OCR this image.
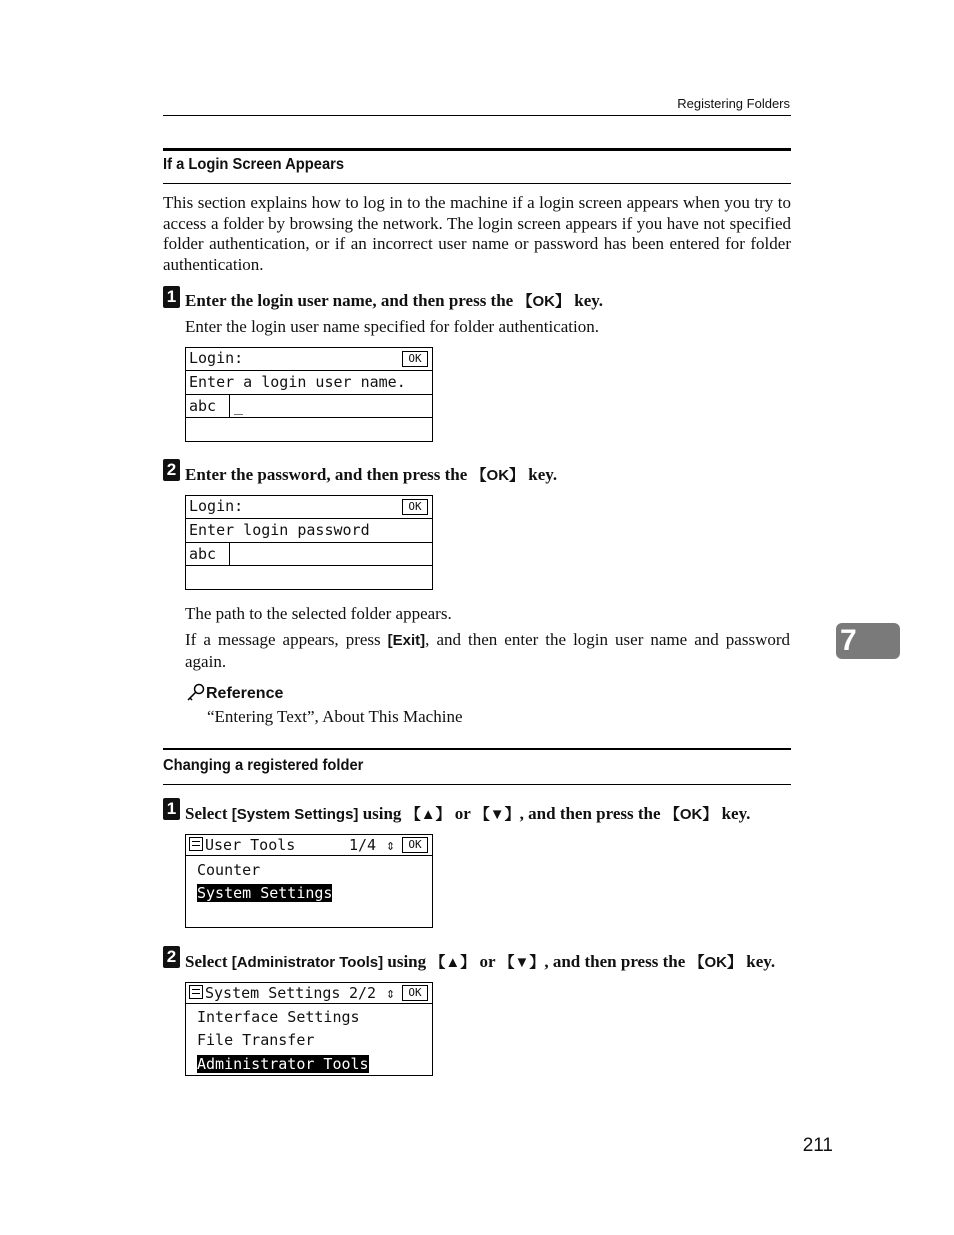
Registering Folders
If a Login Screen Appears
This section explains how to log in to the machine if a login screen appears when you try to access a folder by browsing the network. The login screen appears if you have not specified folder authentication, or if an incorrect user name or password has been entered for folder authentication.
1 Enter the login user name, and then press the 【OK】 key.
Enter the login user name specified for folder authentication.
Login:	OK
Enter a login user name.
abc _
2 Enter the password, and then press the 【OK】 key.
Login:	OK
Enter login password
abc
The path to the selected folder appears.
If a message appears, press [Exit], and then enter the login user name and password again.
7
Reference
“Entering Text”, About This Machine
Changing a registered folder
1 Select [System Settings] using 【▲】 or 【▼】, and then press the 【OK】 key.
User Tools	1/4 ⇕	OK
Counter
System Settings
2 Select [Administrator Tools] using 【▲】 or 【▼】, and then press the 【OK】 key.
System Settings 2/2 ⇕	OK
Interface Settings
File Transfer
Administrator Tools
211
